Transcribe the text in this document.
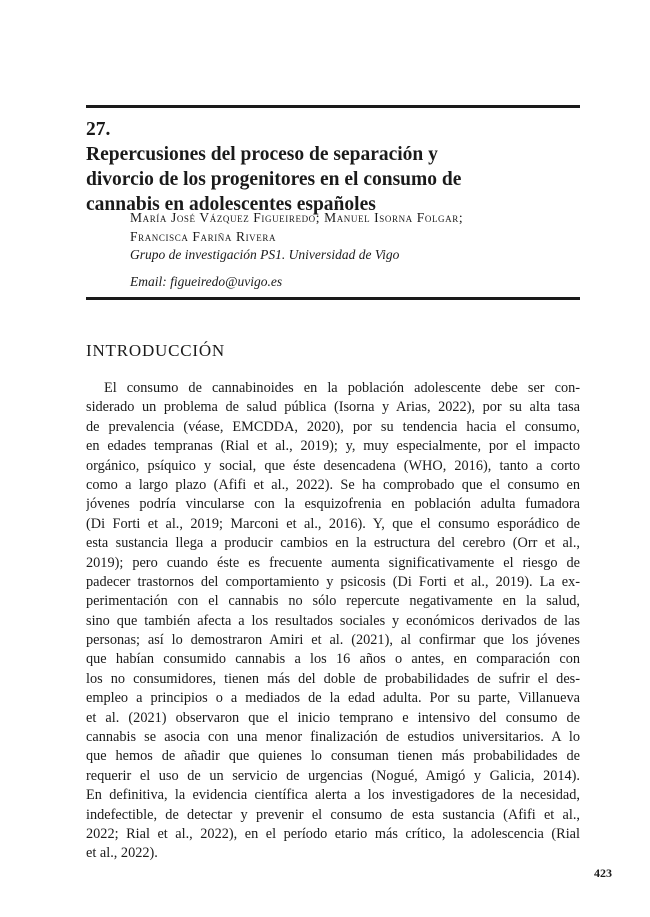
27.
Repercusiones del proceso de separación y
divorcio de los progenitores en el consumo de
cannabis en adolescentes españoles

María José Vázquez Figueiredo; Manuel Isorna Folgar;
Francisca Fariña Rivera

Grupo de investigación PS1. Universidad de Vigo

Email: figueiredo@uvigo.es

INTRODUCCIÓN
El consumo de cannabinoides en la población adolescente debe ser con-
siderado un problema de salud pública (Isorna y Arias, 2022), por su alta tasa
de prevalencia (véase, EMCDDA, 2020), por su tendencia hacia el consumo,
en edades tempranas (Rial et al., 2019); y, muy especialmente, por el impacto
orgánico, psíquico y social, que éste desencadena (WHO, 2016), tanto a corto
como a largo plazo (Afifi et al., 2022). Se ha comprobado que el consumo en
jóvenes podría vincularse con la esquizofrenia en población adulta fumadora
(Di Forti et al., 2019; Marconi et al., 2016). Y, que el consumo esporádico de
esta sustancia llega a producir cambios en la estructura del cerebro (Orr et al.,
2019); pero cuando éste es frecuente aumenta significativamente el riesgo de
padecer trastornos del comportamiento y psicosis (Di Forti et al., 2019). La ex-
perimentación con el cannabis no sólo repercute negativamente en la salud,
sino que también afecta a los resultados sociales y económicos derivados de las
personas; así lo demostraron Amiri et al. (2021), al confirmar que los jóvenes
que habían consumido cannabis a los 16 años o antes, en comparación con
los no consumidores, tienen más del doble de probabilidades de sufrir el des-
empleo a principios o a mediados de la edad adulta. Por su parte, Villanueva
et al. (2021) observaron que el inicio temprano e intensivo del consumo de
cannabis se asocia con una menor finalización de estudios universitarios. A lo
que hemos de añadir que quienes lo consuman tienen más probabilidades de
requerir el uso de un servicio de urgencias (Nogué, Amigó y Galicia, 2014).
En definitiva, la evidencia científica alerta a los investigadores de la necesidad,
indefectible, de detectar y prevenir el consumo de esta sustancia (Afifi et al.,
2022; Rial et al., 2022), en el período etario más crítico, la adolescencia (Rial
et al., 2022).

423
